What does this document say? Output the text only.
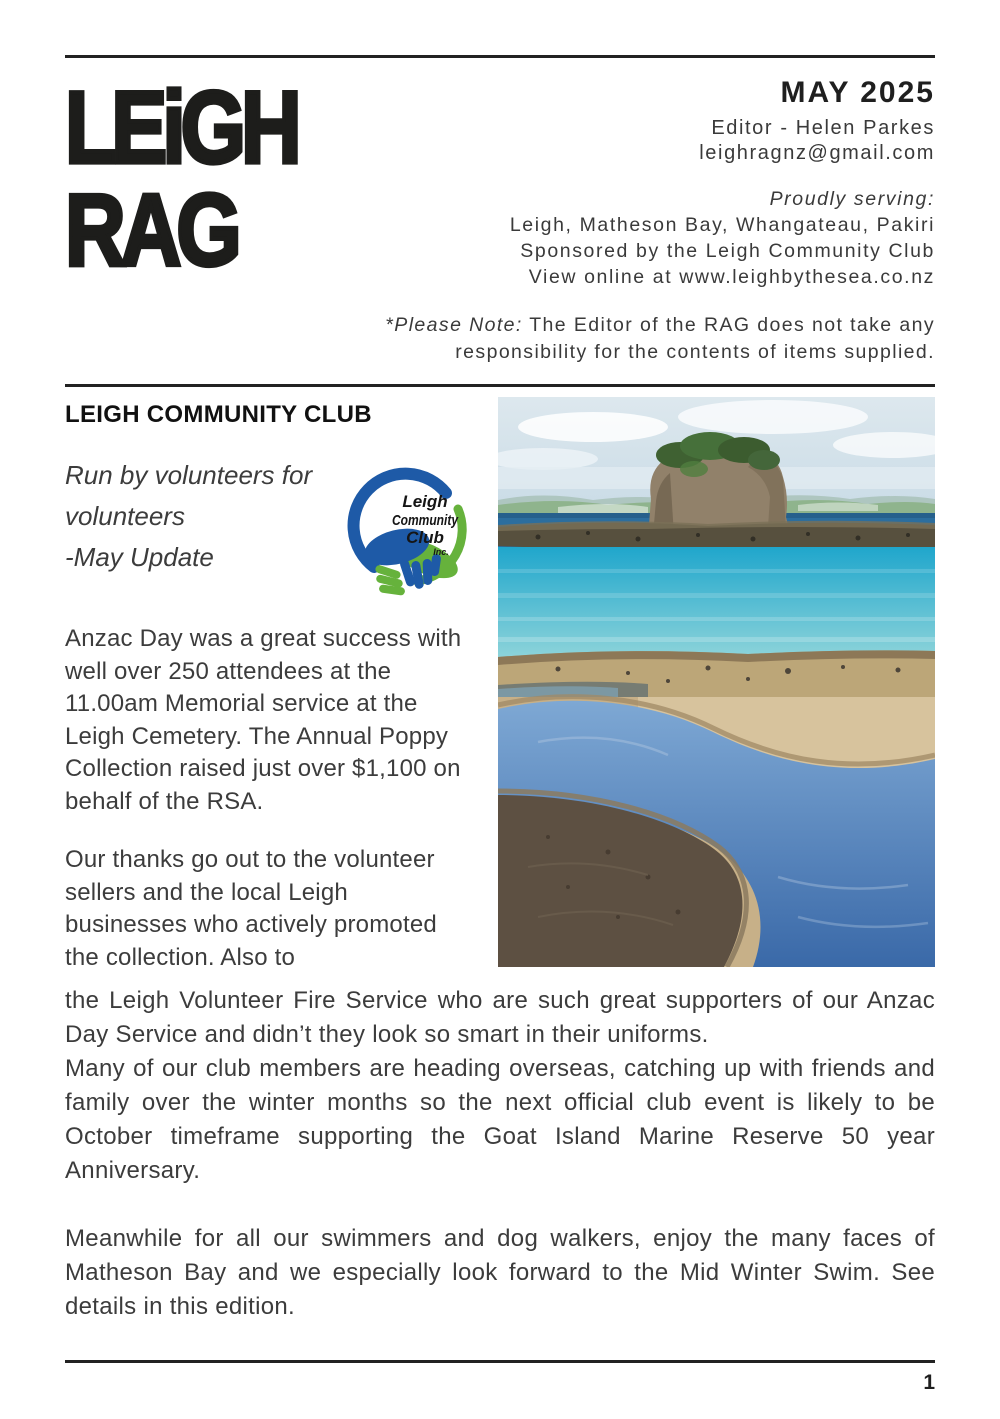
LEiGH
RAG
MAY 2025
Editor - Helen Parkes
leighragnz@gmail.com
Proudly serving:
Leigh, Matheson Bay, Whangateau, Pakiri
Sponsored by the Leigh Community Club
View online at www.leighbythesea.co.nz
*Please Note: The Editor of the RAG does not take any
responsibility for the contents of items supplied.
LEIGH COMMUNITY CLUB
Run by volunteers for
volunteers
-May Update
Leigh
Community
Club
Inc.

Anzac Day was a great success with well over 250 attendees at the 11.00am Memorial service at the Leigh Cemetery. The Annual Poppy Collection raised just over $1,100 on behalf of the RSA.

Our thanks go out to the volunteer sellers and the local Leigh businesses who actively promoted the collection. Also to

the Leigh Volunteer Fire Service who are such great supporters of our Anzac Day Service and didn’t they look so smart in their uniforms.

Many of our club members are heading overseas, catching up with friends and family over the winter months so the next official club event is likely to be October timeframe supporting the Goat Island Marine Reserve 50 year Anniversary.

Meanwhile for all our swimmers and dog walkers, enjoy the many faces of Matheson Bay and we especially look forward to the Mid Winter Swim. See details in this edition.

1
